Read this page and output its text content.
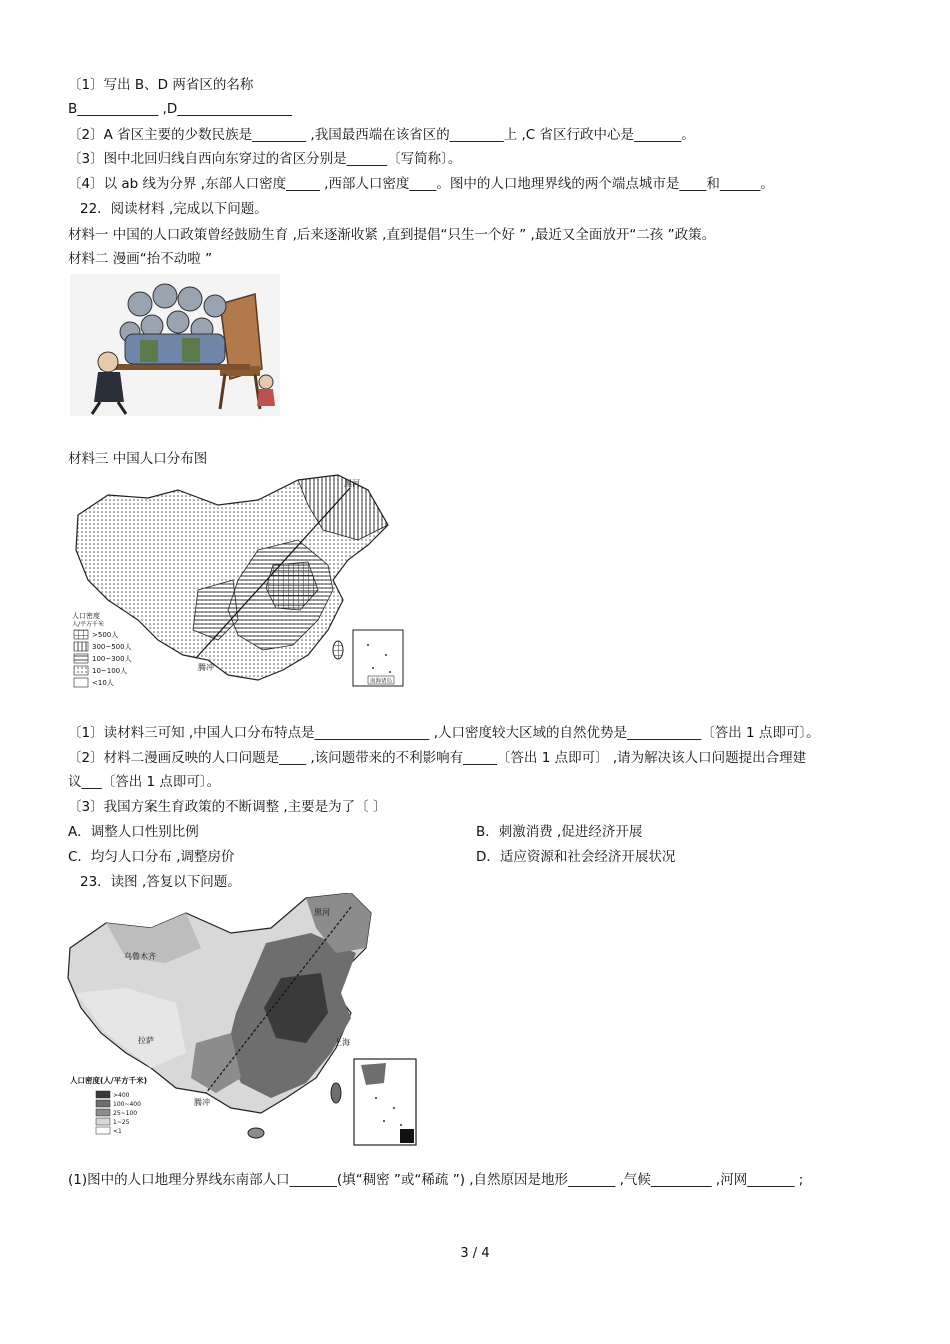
〔1〕写出 B、D 两省区的名称
B____________ ,D_________________
〔2〕A 省区主要的少数民族是________ ,我国最西端在该省区的________上 ,C 省区行政中心是_______。
〔3〕图中北回归线自西向东穿过的省区分别是______〔写简称〕。
〔4〕以 ab 线为分界 ,东部人口密度_____ ,西部人口密度____。图中的人口地理界线的两个端点城市是____和______。
22．阅读材料 ,完成以下问题。
材料一 中国的人口政策曾经鼓励生育 ,后来逐渐收紧 ,直到提倡“只生一个好 ” ,最近又全面放开“二孩 ”政策。
材料二 漫画“抬不动啦 ”
材料三 中国人口分布图
黑河
腾冲
南海诸岛
人口密度
人/平方千米
>500人
300~500人
100~300人
10~100人
<10人
〔1〕读材料三可知 ,中国人口分布特点是_________________ ,人口密度较大区域的自然优势是___________〔答出 1 点即可〕。
〔2〕材料二漫画反映的人口问题是____ ,该问题带来的不利影响有_____〔答出 1 点即可〕 ,请为解决该人口问题提出合理建
议___〔答出 1 点即可〕。
〔3〕我国方案生育政策的不断调整 ,主要是为了〔 〕
A．调整人口性别比例	B．刺激消费 ,促进经济开展
C．均匀人口分布 ,调整房价	D．适应资源和社会经济开展状况
23．读图 ,答复以下问题。
黑河
乌鲁木齐
上海
拉萨
腾冲
人口密度(人/平方千米)
>400
100~400
25~100
1~25
<1
(1)图中的人口地理分界线东南部人口_______(填“稠密 ”或“稀疏 ”) ,自然原因是地形_______ ,气候_________ ,河网_______ ;
3 / 4
